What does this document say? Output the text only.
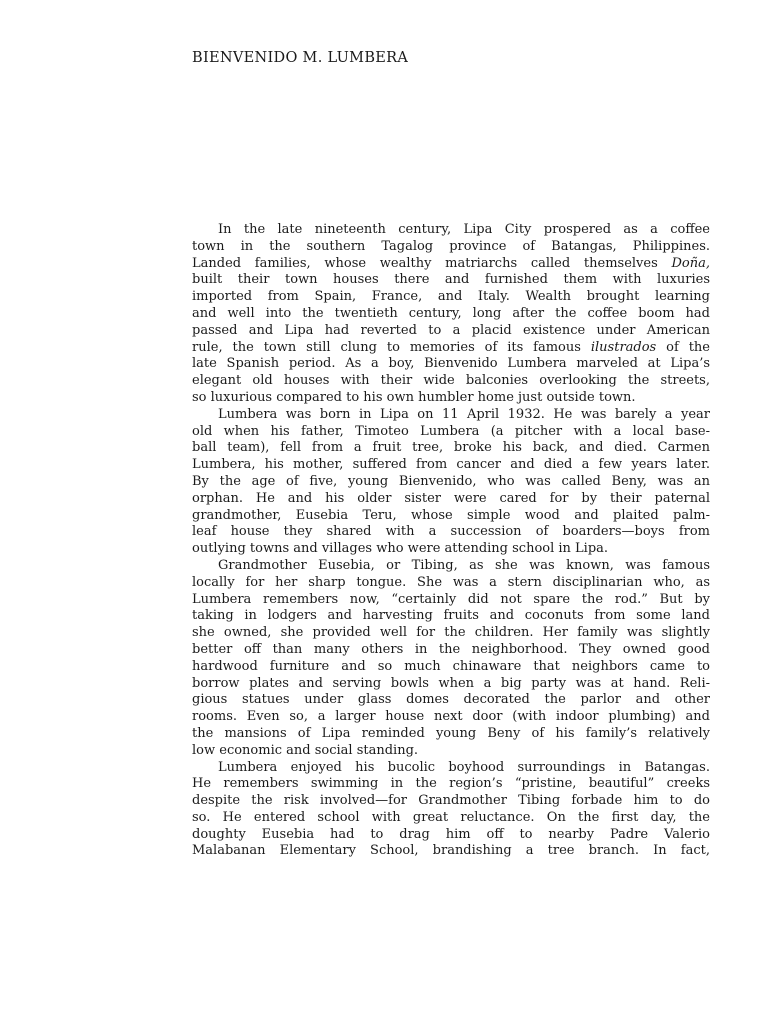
BIENVENIDO M. LUMBERA

In the late nineteenth century, Lipa City prospered as a coffee

town in the southern Tagalog province of Batangas, Philippines.

Landed families, whose wealthy matriarchs called themselves Doña,

built their town houses there and furnished them with luxuries

imported from Spain, France, and Italy. Wealth brought learning

and well into the twentieth century, long after the coffee boom had

passed and Lipa had reverted to a placid existence under American

rule, the town still clung to memories of its famous ilustrados of the

late Spanish period. As a boy, Bienvenido Lumbera marveled at Lipa’s

elegant old houses with their wide balconies overlooking the streets,

so luxurious compared to his own humbler home just outside town.

Lumbera was born in Lipa on 11 April 1932. He was barely a year

old when his father, Timoteo Lumbera (a pitcher with a local base-

ball team), fell from a fruit tree, broke his back, and died. Carmen

Lumbera, his mother, suffered from cancer and died a few years later.

By the age of five, young Bienvenido, who was called Beny, was an

orphan. He and his older sister were cared for by their paternal

grandmother, Eusebia Teru, whose simple wood and plaited palm-

leaf house they shared with a succession of boarders—boys from

outlying towns and villages who were attending school in Lipa.

Grandmother Eusebia, or Tibing, as she was known, was famous

locally for her sharp tongue. She was a stern disciplinarian who, as

Lumbera remembers now, “certainly did not spare the rod.” But by

taking in lodgers and harvesting fruits and coconuts from some land

she owned, she provided well for the children. Her family was slightly

better off than many others in the neighborhood. They owned good

hardwood furniture and so much chinaware that neighbors came to

borrow plates and serving bowls when a big party was at hand. Reli-

gious statues under glass domes decorated the parlor and other

rooms. Even so, a larger house next door (with indoor plumbing) and

the mansions of Lipa reminded young Beny of his family’s relatively

low economic and social standing.

Lumbera enjoyed his bucolic boyhood surroundings in Batangas.

He remembers swimming in the region’s “pristine, beautiful” creeks

despite the risk involved—for Grandmother Tibing forbade him to do

so. He entered school with great reluctance. On the first day, the

doughty Eusebia had to drag him off to nearby Padre Valerio

Malabanan Elementary School, brandishing a tree branch. In fact,
